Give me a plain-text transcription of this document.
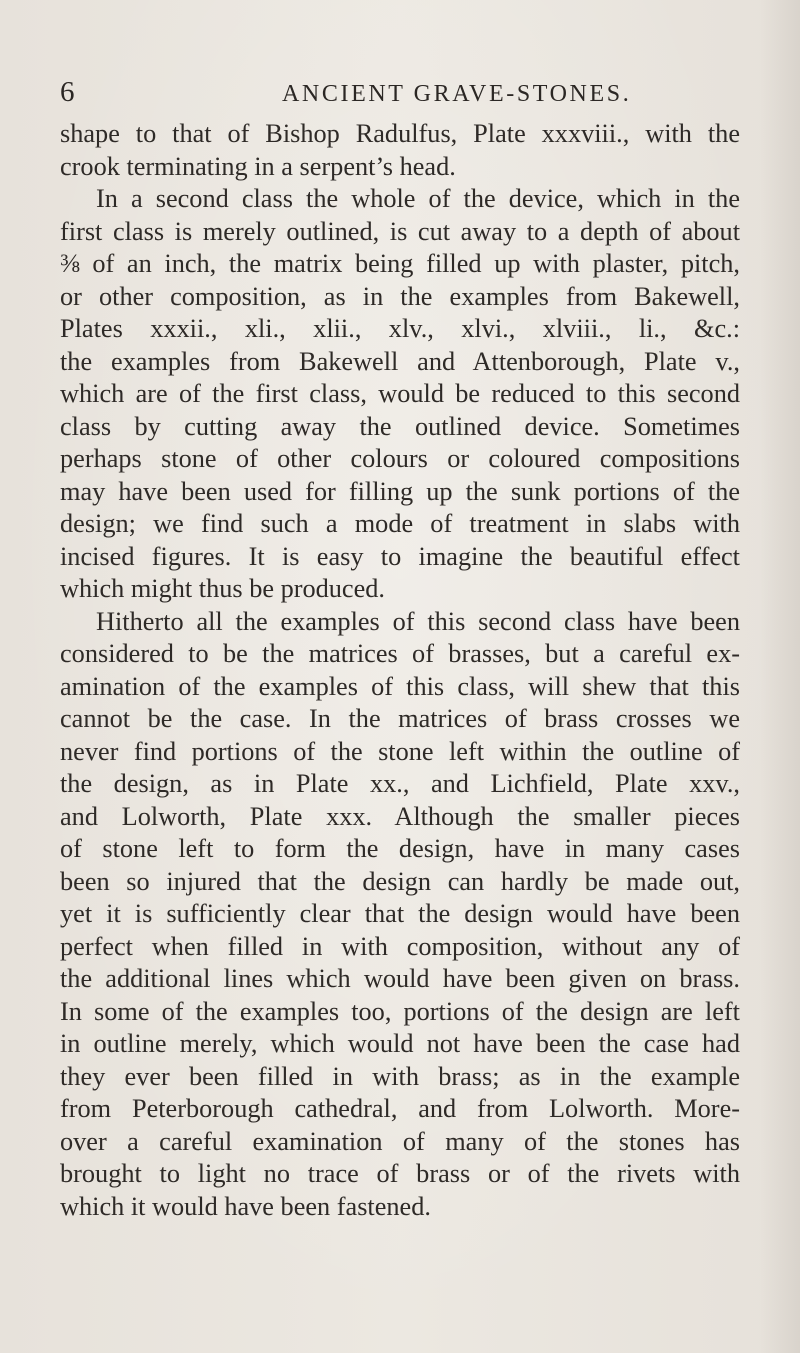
6	ANCIENT GRAVE-STONES.
shape to that of Bishop Radulfus, Plate xxxviii., with the
crook terminating in a serpent’s head.
In a second class the whole of the device, which in the
first class is merely outlined, is cut away to a depth of about
⅜ of an inch, the matrix being filled up with plaster, pitch,
or other composition, as in the examples from Bakewell,
Plates xxxii., xli., xlii., xlv., xlvi., xlviii., li., &c.:
the examples from Bakewell and Attenborough, Plate v.,
which are of the first class, would be reduced to this second
class by cutting away the outlined device. Sometimes
perhaps stone of other colours or coloured compositions
may have been used for filling up the sunk portions of the
design; we find such a mode of treatment in slabs with
incised figures. It is easy to imagine the beautiful effect
which might thus be produced.
Hitherto all the examples of this second class have been
considered to be the matrices of brasses, but a careful ex-
amination of the examples of this class, will shew that this
cannot be the case. In the matrices of brass crosses we
never find portions of the stone left within the outline of
the design, as in Plate xx., and Lichfield, Plate xxv.,
and Lolworth, Plate xxx. Although the smaller pieces
of stone left to form the design, have in many cases
been so injured that the design can hardly be made out,
yet it is sufficiently clear that the design would have been
perfect when filled in with composition, without any of
the additional lines which would have been given on brass.
In some of the examples too, portions of the design are left
in outline merely, which would not have been the case had
they ever been filled in with brass; as in the example
from Peterborough cathedral, and from Lolworth. More-
over a careful examination of many of the stones has
brought to light no trace of brass or of the rivets with
which it would have been fastened.
